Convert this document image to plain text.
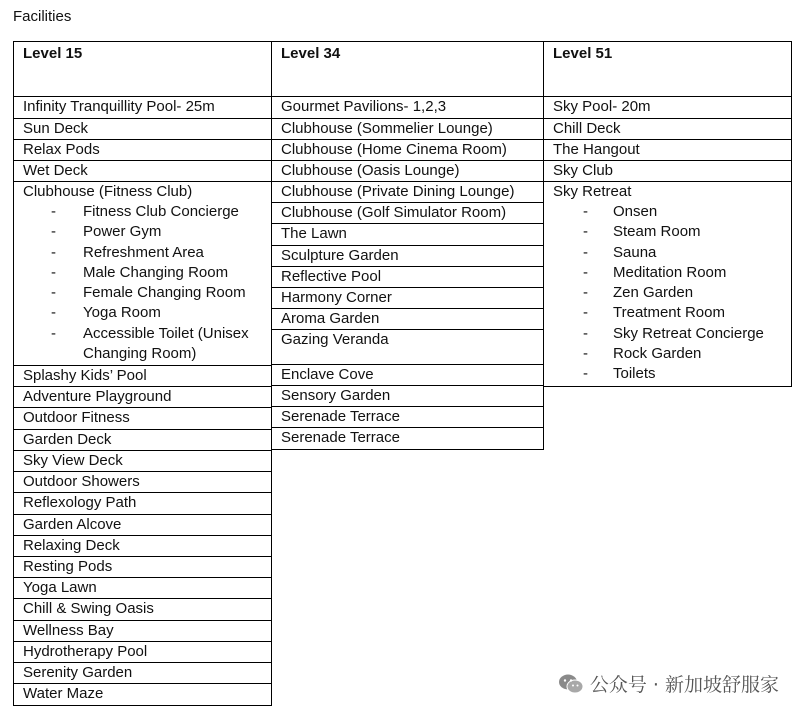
Facilities
Level 15
Infinity Tranquillity Pool- 25m
Sun Deck
Relax Pods
Wet Deck
Clubhouse (Fitness Club)
- Fitness Club Concierge
- Power Gym
- Refreshment Area
- Male Changing Room
- Female Changing Room
- Yoga Room
- Accessible Toilet (Unisex Changing Room)
Splashy Kids’ Pool
Adventure Playground
Outdoor Fitness
Garden Deck
Sky View Deck
Outdoor Showers
Reflexology Path
Garden Alcove
Relaxing Deck
Resting Pods
Yoga Lawn
Chill & Swing Oasis
Wellness Bay
Hydrotherapy Pool
Serenity Garden
Water Maze
Level 34
Gourmet Pavilions- 1,2,3
Clubhouse (Sommelier Lounge)
Clubhouse (Home Cinema Room)
Clubhouse (Oasis Lounge)
Clubhouse (Private Dining Lounge)
Clubhouse (Golf Simulator Room)
The Lawn
Sculpture Garden
Reflective Pool
Harmony Corner
Aroma Garden
Gazing Veranda
Enclave Cove
Sensory Garden
Serenade Terrace
Serenade Terrace
Level 51
Sky Pool- 20m
Chill Deck
The Hangout
Sky Club
Sky Retreat
- Onsen
- Steam Room
- Sauna
- Meditation Room
- Zen Garden
- Treatment Room
- Sky Retreat Concierge
- Rock Garden
- Toilets
公众号 · 新加坡舒服家
